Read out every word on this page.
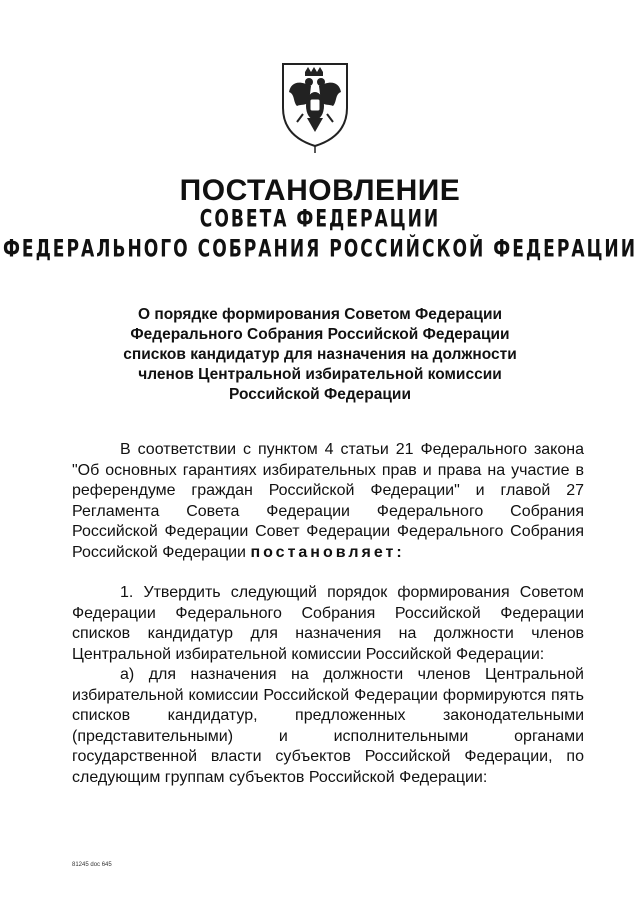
ПОСТАНОВЛЕНИЕ
СОВЕТА ФЕДЕРАЦИИ
ФЕДЕРАЛЬНОГО СОБРАНИЯ РОССИЙСКОЙ ФЕДЕРАЦИИ
О порядке формирования Советом Федерации
Федерального Собрания Российской Федерации
списков кандидатур для назначения на должности
членов Центральной избирательной комиссии
Российской Федерации

В соответствии с пунктом 4 статьи 21 Федерального закона "Об основных гарантиях избирательных прав и права на участие в референдуме граждан Российской Федерации" и главой 27 Регламента Совета Федерации Федерального Собрания Российской Федерации Совет Федерации Федерального Собрания Российской Федерации постановляет:

1. Утвердить следующий порядок формирования Советом Федерации Федерального Собрания Российской Федерации списков кандидатур для назначения на должности членов Центральной избирательной комиссии Российской Федерации:

а) для назначения на должности членов Центральной избирательной комиссии Российской Федерации формируются пять списков кандидатур, предложенных законодательными (представительными) и исполнительными органами государственной власти субъектов Российской Федерации, по следующим группам субъектов Российской Федерации:

81245 doc 645
